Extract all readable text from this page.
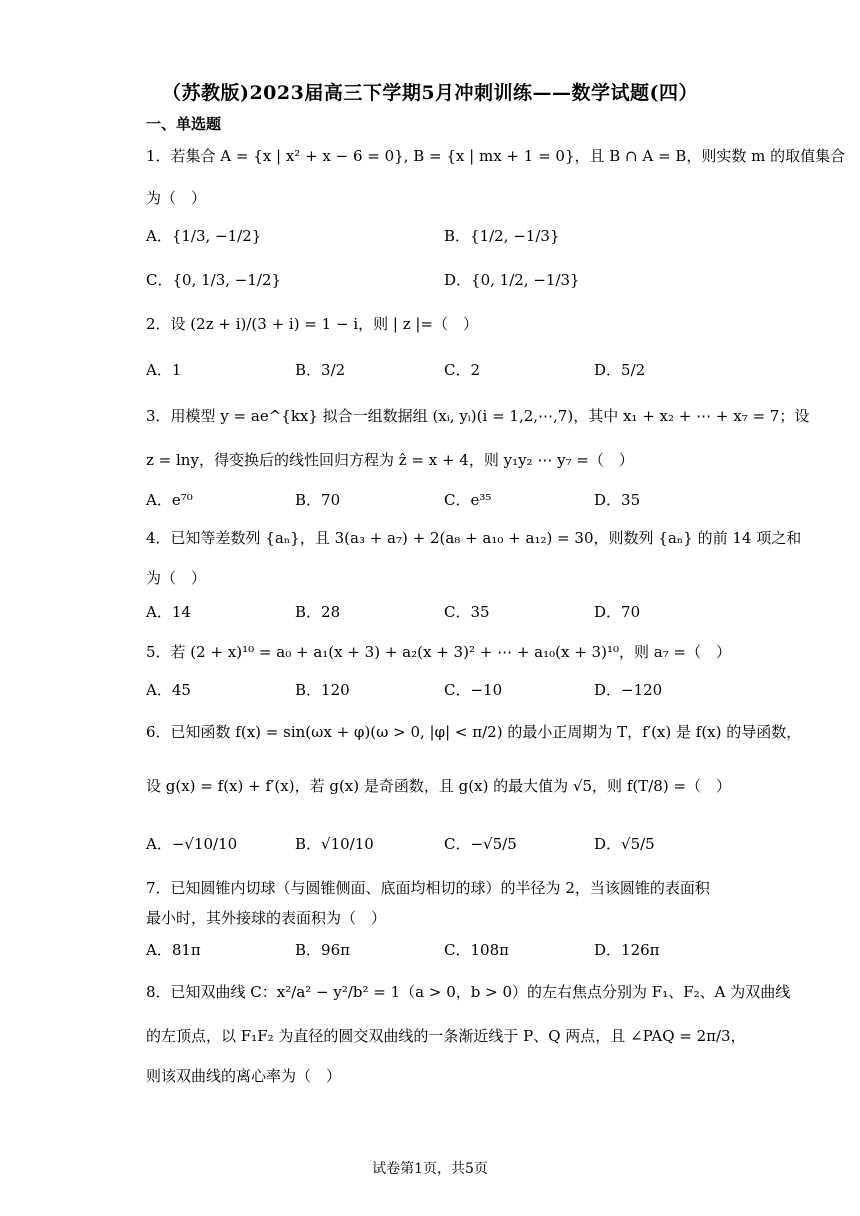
（苏教版)2023届高三下学期5月冲刺训练——数学试题(四）
一、单选题
1．若集合 A = {x | x² + x − 6 = 0}, B = {x | mx + 1 = 0}，且 B ∩ A = B，则实数 m 的取值集合
为（　）
A．{1/3, −1/2}	B．{1/2, −1/3}
C．{0, 1/3, −1/2}	D．{0, 1/2, −1/3}
2．设 (2z + i)/(3 + i) = 1 − i，则 | z |=（　）
A．1	B．3/2	C．2	D．5/2
3．用模型 y = ae^{kx} 拟合一组数据组 (xᵢ, yᵢ)(i = 1,2,⋯,7)，其中 x₁ + x₂ + ⋯ + x₇ = 7；设
z = lny，得变换后的线性回归方程为 ẑ = x + 4，则 y₁y₂ ⋯ y₇ =（　）
A．e⁷⁰	B．70	C．e³⁵	D．35
4．已知等差数列 {aₙ}，且 3(a₃ + a₇) + 2(a₈ + a₁₀ + a₁₂) = 30，则数列 {aₙ} 的前 14 项之和
为（　）
A．14	B．28	C．35	D．70
5．若 (2 + x)¹⁰ = a₀ + a₁(x + 3) + a₂(x + 3)² + ⋯ + a₁₀(x + 3)¹⁰，则 a₇ =（　）
A．45	B．120	C．−10	D．−120
6．已知函数 f(x) = sin(ωx + φ)(ω > 0, |φ| < π/2) 的最小正周期为 T，f′(x) 是 f(x) 的导函数，
设 g(x) = f(x) + f′(x)，若 g(x) 是奇函数，且 g(x) 的最大值为 √5，则 f(T/8) =（　）
A．−√10/10	B．√10/10	C．−√5/5	D．√5/5
7．已知圆锥内切球（与圆锥侧面、底面均相切的球）的半径为 2，当该圆锥的表面积
最小时，其外接球的表面积为（　）
A．81π	B．96π	C．108π	D．126π
8．已知双曲线 C：x²/a² − y²/b² = 1（a > 0，b > 0）的左右焦点分别为 F₁、F₂、A 为双曲线
的左顶点，以 F₁F₂ 为直径的圆交双曲线的一条渐近线于 P、Q 两点，且 ∠PAQ = 2π/3，
则该双曲线的离心率为（　）
试卷第1页，共5页
